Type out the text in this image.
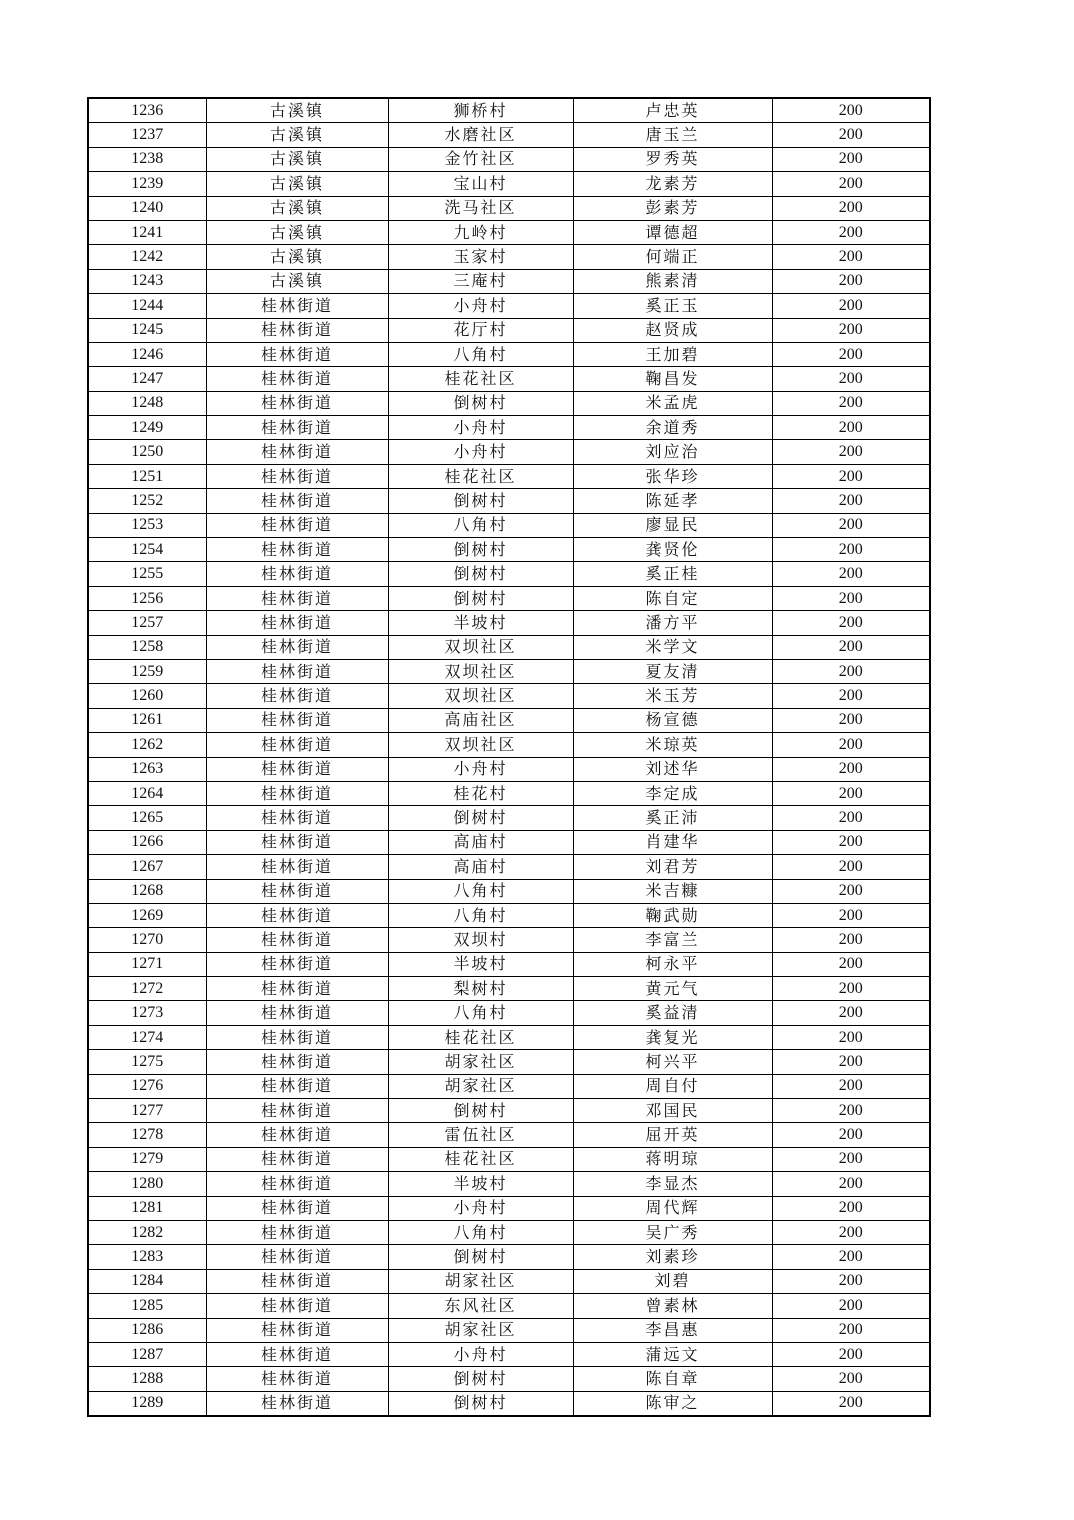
1236	古溪镇	狮桥村	卢忠英	200
1237	古溪镇	水磨社区	唐玉兰	200
1238	古溪镇	金竹社区	罗秀英	200
1239	古溪镇	宝山村	龙素芳	200
1240	古溪镇	洗马社区	彭素芳	200
1241	古溪镇	九岭村	谭德超	200
1242	古溪镇	玉家村	何端正	200
1243	古溪镇	三庵村	熊素清	200
1244	桂林街道	小舟村	奚正玉	200
1245	桂林街道	花厅村	赵贤成	200
1246	桂林街道	八角村	王加碧	200
1247	桂林街道	桂花社区	鞠昌发	200
1248	桂林街道	倒树村	米孟虎	200
1249	桂林街道	小舟村	余道秀	200
1250	桂林街道	小舟村	刘应治	200
1251	桂林街道	桂花社区	张华珍	200
1252	桂林街道	倒树村	陈延孝	200
1253	桂林街道	八角村	廖显民	200
1254	桂林街道	倒树村	龚贤伦	200
1255	桂林街道	倒树村	奚正桂	200
1256	桂林街道	倒树村	陈自定	200
1257	桂林街道	半坡村	潘方平	200
1258	桂林街道	双坝社区	米学文	200
1259	桂林街道	双坝社区	夏友清	200
1260	桂林街道	双坝社区	米玉芳	200
1261	桂林街道	高庙社区	杨宣德	200
1262	桂林街道	双坝社区	米琼英	200
1263	桂林街道	小舟村	刘述华	200
1264	桂林街道	桂花村	李定成	200
1265	桂林街道	倒树村	奚正沛	200
1266	桂林街道	高庙村	肖建华	200
1267	桂林街道	高庙村	刘君芳	200
1268	桂林街道	八角村	米吉糠	200
1269	桂林街道	八角村	鞠武勋	200
1270	桂林街道	双坝村	李富兰	200
1271	桂林街道	半坡村	柯永平	200
1272	桂林街道	梨树村	黄元气	200
1273	桂林街道	八角村	奚益清	200
1274	桂林街道	桂花社区	龚复光	200
1275	桂林街道	胡家社区	柯兴平	200
1276	桂林街道	胡家社区	周自付	200
1277	桂林街道	倒树村	邓国民	200
1278	桂林街道	雷伍社区	屈开英	200
1279	桂林街道	桂花社区	蒋明琼	200
1280	桂林街道	半坡村	李显杰	200
1281	桂林街道	小舟村	周代辉	200
1282	桂林街道	八角村	吴广秀	200
1283	桂林街道	倒树村	刘素珍	200
1284	桂林街道	胡家社区	刘碧	200
1285	桂林街道	东风社区	曾素林	200
1286	桂林街道	胡家社区	李昌惠	200
1287	桂林街道	小舟村	蒲远文	200
1288	桂林街道	倒树村	陈自章	200
1289	桂林街道	倒树村	陈审之	200
